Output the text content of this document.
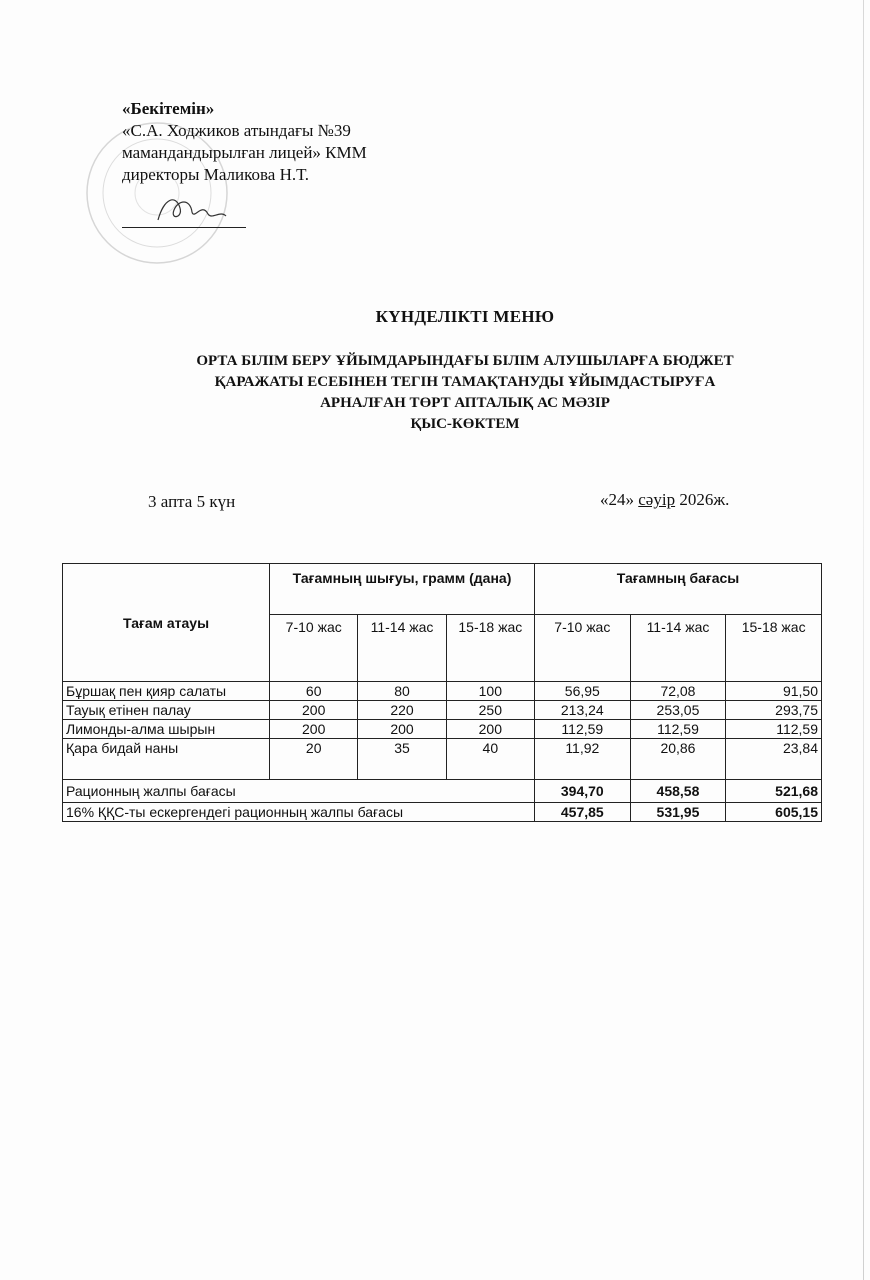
«Бекітемін»
«С.А. Ходжиков атындағы №39
мамандандырылған лицей» КММ
директоры Маликова Н.Т.
КҮНДЕЛІКТІ МЕНЮ
ОРТА БІЛІМ БЕРУ ҰЙЫМДАРЫНДАҒЫ БІЛІМ АЛУШЫЛАРҒА БЮДЖЕТ
ҚАРАЖАТЫ ЕСЕБІНЕН ТЕГІН ТАМАҚТАНУДЫ ҰЙЫМДАСТЫРУҒА
АРНАЛҒАН ТӨРТ АПТАЛЫҚ АС МӘЗІР
ҚЫС-КӨКТЕМ
3 апта 5 күн	«24» сәуір 2026ж.
Тағам атауы	Тағамның шығуы, грамм (дана)			Тағамның бағасы		
	7-10 жас	11-14 жас	15-18 жас	7-10 жас	11-14 жас	15-18 жас
Бұршақ пен қияр салаты	60	80	100	56,95	72,08	91,50
Тауық етінен палау	200	220	250	213,24	253,05	293,75
Лимонды-алма шырын	200	200	200	112,59	112,59	112,59
Қара бидай наны	20	35	40	11,92	20,86	23,84
Рационның жалпы бағасы				394,70	458,58	521,68
16% ҚҚС-ты ескергендегі рационның жалпы бағасы				457,85	531,95	605,15
